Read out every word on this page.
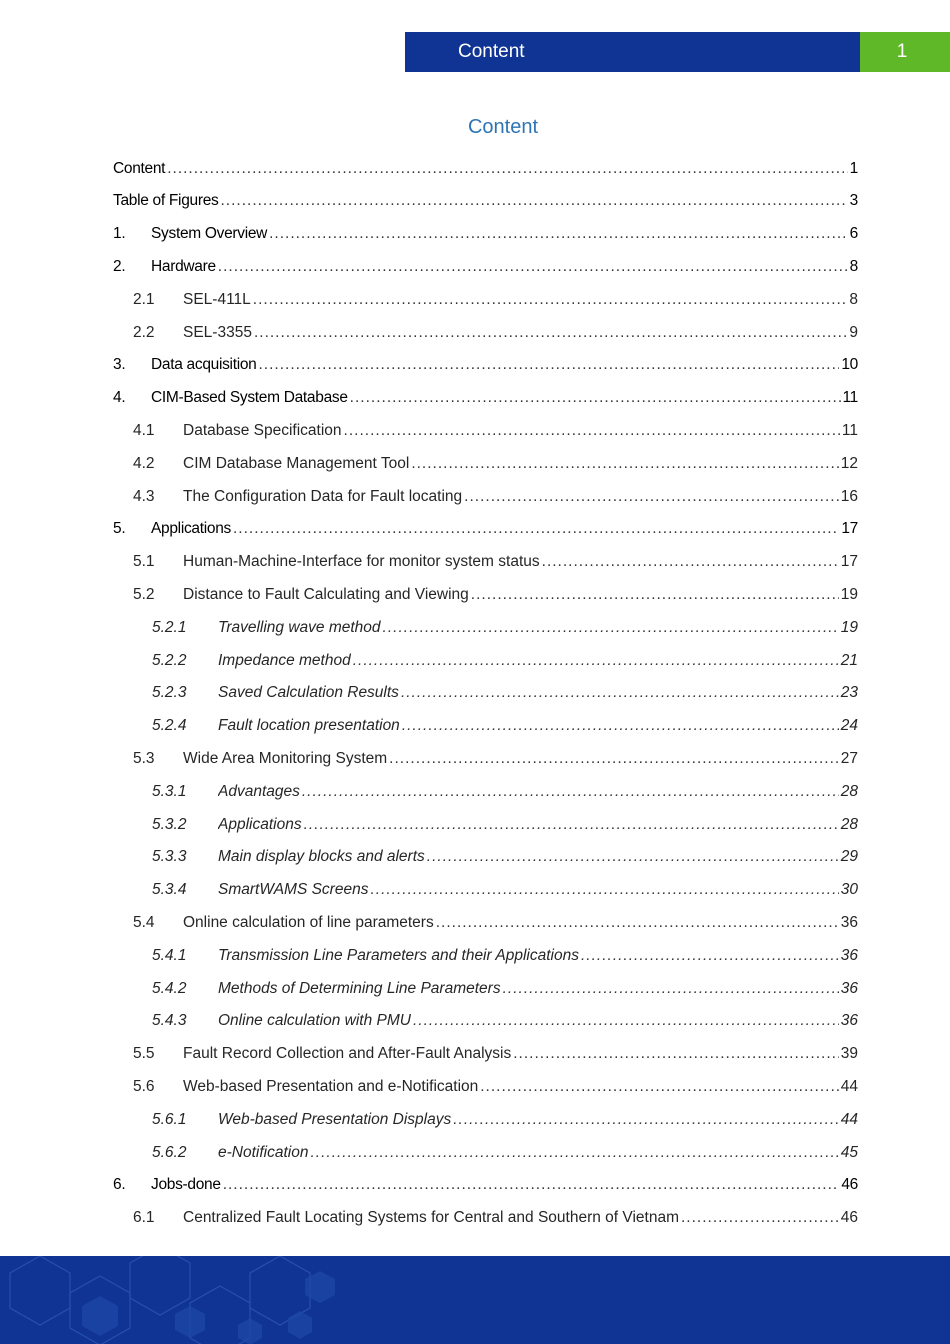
Content	1
Content
Content .....	1
Table of Figures .....	3
1. System Overview .....	6
2. Hardware .....	8
2.1 SEL-411L .....	8
2.2 SEL-3355 .....	9
3. Data acquisition .....	10
4. CIM-Based System Database .....	11
4.1 Database Specification .....	11
4.2 CIM Database Management Tool .....	12
4.3 The Configuration Data for Fault locating .....	16
5. Applications .....	17
5.1 Human-Machine-Interface for monitor system status .....	17
5.2 Distance to Fault Calculating and Viewing .....	19
5.2.1 Travelling wave method .....	19
5.2.2 Impedance method .....	21
5.2.3 Saved Calculation Results .....	23
5.2.4 Fault location presentation .....	24
5.3 Wide Area Monitoring System .....	27
5.3.1 Advantages .....	28
5.3.2 Applications .....	28
5.3.3 Main display blocks and alerts .....	29
5.3.4 SmartWAMS Screens .....	30
5.4 Online calculation of line parameters .....	36
5.4.1 Transmission Line Parameters and their Applications .....	36
5.4.2 Methods of Determining Line Parameters .....	36
5.4.3 Online calculation with PMU .....	36
5.5 Fault Record Collection and After-Fault Analysis .....	39
5.6 Web-based Presentation and e-Notification .....	44
5.6.1 Web-based Presentation Displays .....	44
5.6.2 e-Notification .....	45
6. Jobs-done .....	46
6.1 Centralized Fault Locating Systems for Central and Southern of Vietnam .....	46
